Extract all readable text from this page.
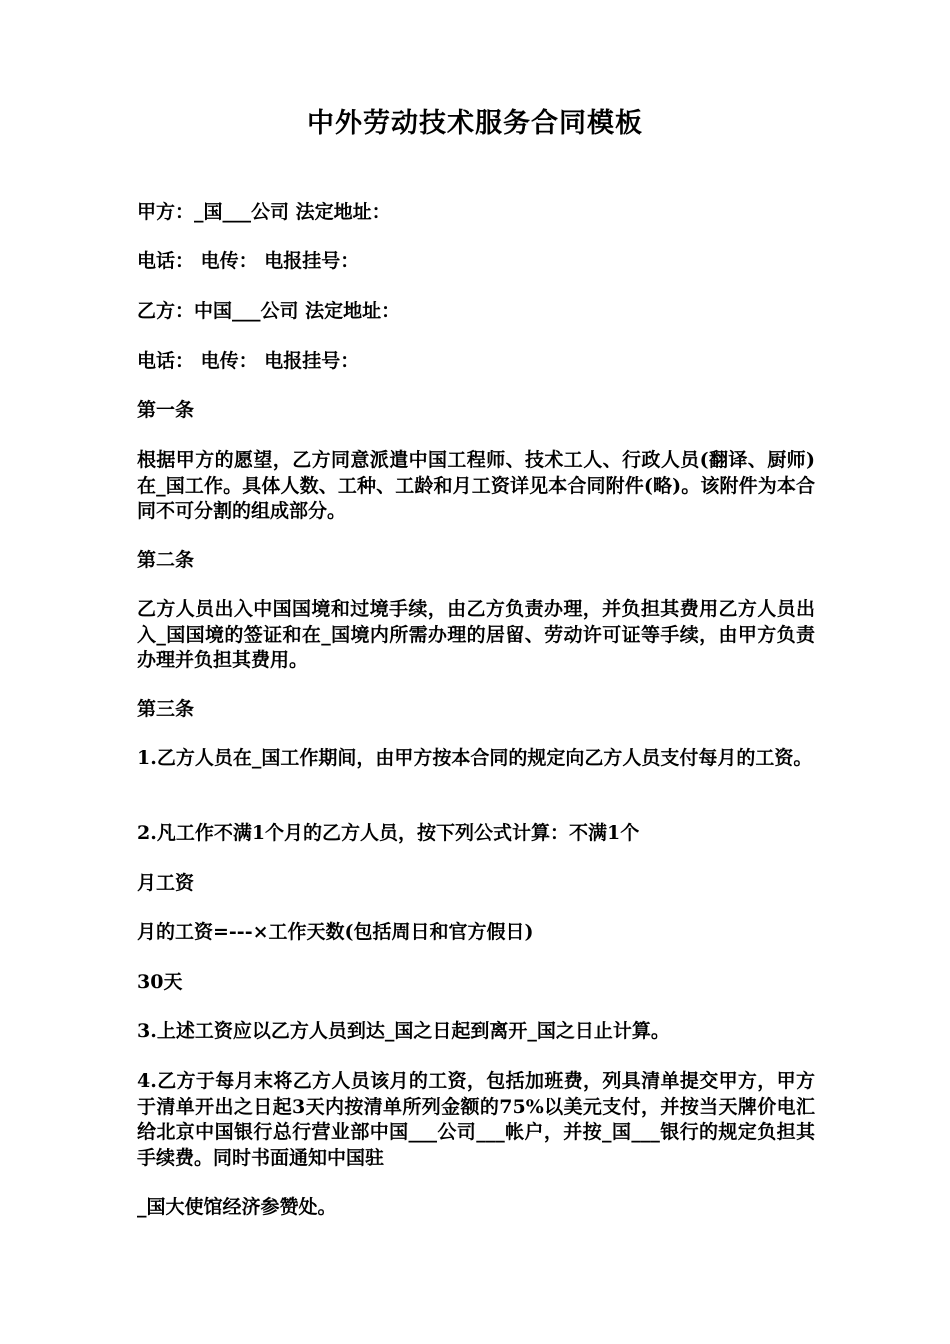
中外劳动技术服务合同模板
甲方：_国___公司 法定地址：
电话： 电传： 电报挂号：
乙方：中国___公司 法定地址：
电话： 电传： 电报挂号：
第一条
根据甲方的愿望，乙方同意派遣中国工程师、技术工人、行政人员(翻译、厨师)在_国工作。具体人数、工种、工龄和月工资详见本合同附件(略)。该附件为本合同不可分割的组成部分。
第二条
乙方人员出入中国国境和过境手续，由乙方负责办理，并负担其费用乙方人员出入_国国境的签证和在_国境内所需办理的居留、劳动许可证等手续，由甲方负责办理并负担其费用。
第三条
1.乙方人员在_国工作期间，由甲方按本合同的规定向乙方人员支付每月的工资。
2.凡工作不满1个月的乙方人员，按下列公式计算：不满1个
月工资
月的工资=---×工作天数(包括周日和官方假日)
30天
3.上述工资应以乙方人员到达_国之日起到离开_国之日止计算。
4.乙方于每月末将乙方人员该月的工资，包括加班费，列具清单提交甲方，甲方于清单开出之日起3天内按清单所列金额的75%以美元支付，并按当天牌价电汇给北京中国银行总行营业部中国___公司___帐户，并按_国___银行的规定负担其手续费。同时书面通知中国驻
_国大使馆经济参赞处。
